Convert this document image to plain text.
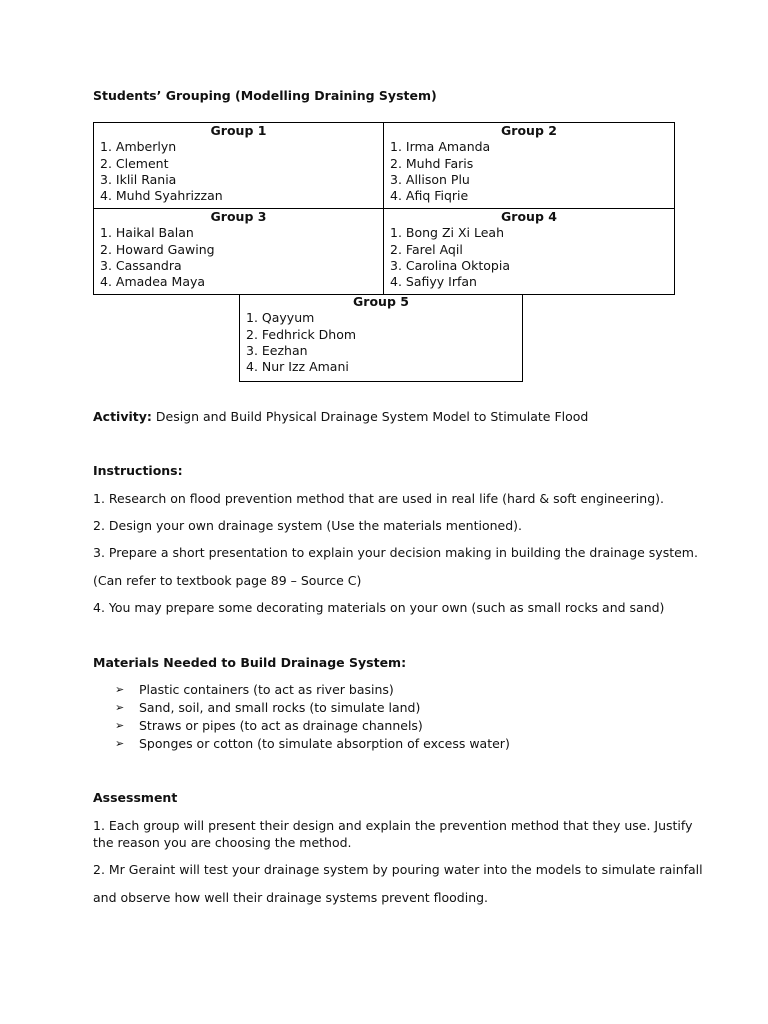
Students’ Grouping (Modelling Draining System)
Group 1
1. Amberlyn
2. Clement
3. Iklil Rania
4. Muhd Syahrizzan
Group 2
1. Irma Amanda
2. Muhd Faris
3. Allison Plu
4. Afiq Fiqrie
Group 3
1. Haikal Balan
2. Howard Gawing
3. Cassandra
4. Amadea Maya
Group 4
1. Bong Zi Xi Leah
2. Farel Aqil
3. Carolina Oktopia
4. Safiyy Irfan
Group 5
1. Qayyum
2. Fedhrick Dhom
3. Eezhan
4. Nur Izz Amani
Activity: Design and Build Physical Drainage System Model to Stimulate Flood
Instructions:
1. Research on flood prevention method that are used in real life (hard & soft engineering).
2. Design your own drainage system (Use the materials mentioned).
3. Prepare a short presentation to explain your decision making in building the drainage system.
(Can refer to textbook page 89 – Source C)
4. You may prepare some decorating materials on your own (such as small rocks and sand)
Materials Needed to Build Drainage System:
➢ Plastic containers (to act as river basins)
➢ Sand, soil, and small rocks (to simulate land)
➢ Straws or pipes (to act as drainage channels)
➢ Sponges or cotton (to simulate absorption of excess water)
Assessment
1. Each group will present their design and explain the prevention method that they use. Justify
the reason you are choosing the method.
2. Mr Geraint will test your drainage system by pouring water into the models to simulate rainfall
and observe how well their drainage systems prevent flooding.
